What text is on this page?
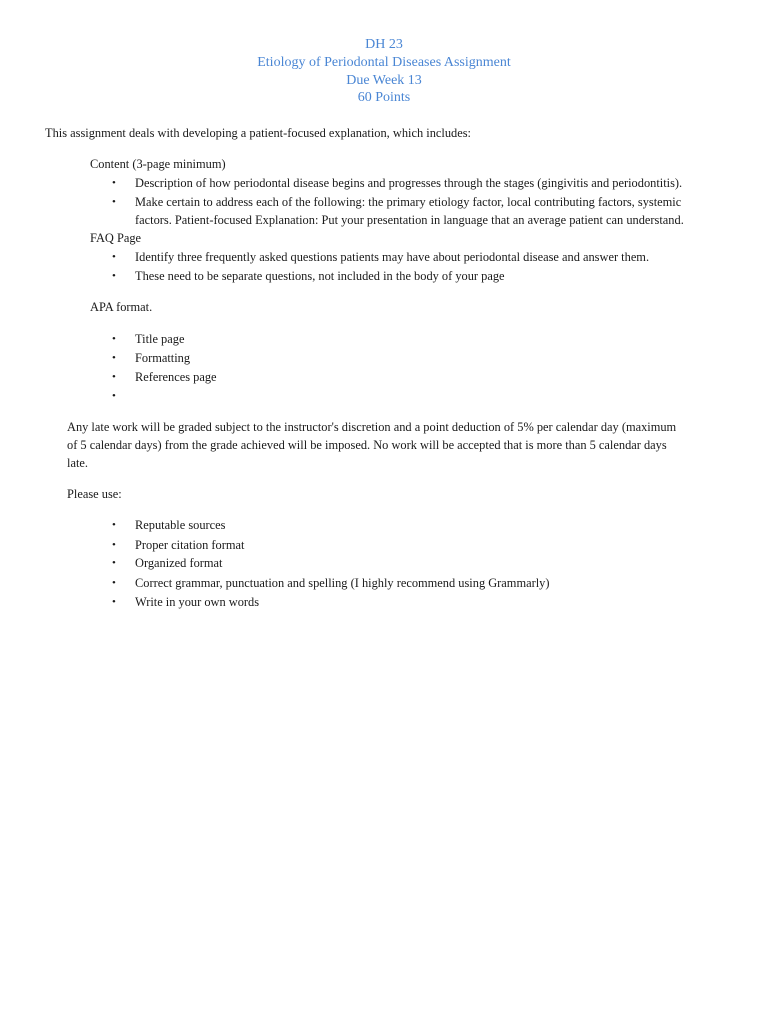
DH 23
Etiology of Periodontal Diseases Assignment
Due Week 13
60 Points
This assignment deals with developing a patient-focused explanation, which includes:
Content (3-page minimum)
•	Description of how periodontal disease begins and progresses through the stages (gingivitis and periodontitis).
•	Make certain to address each of the following: the primary etiology factor, local contributing factors, systemic
factors. Patient-focused Explanation: Put your presentation in language that an average patient can understand.
FAQ Page
•	Identify three frequently asked questions patients may have about periodontal disease and answer them.
•	These need to be separate questions, not included in the body of your page
APA format.
•	Title page
•	Formatting
•	References page
•
Any late work will be graded subject to the instructor's discretion and a point deduction of 5% per calendar day (maximum
of 5 calendar days) from the grade achieved will be imposed. No work will be accepted that is more than 5 calendar days
late.
Please use:
•	Reputable sources
•	Proper citation format
•	Organized format
•	Correct grammar, punctuation and spelling (I highly recommend using Grammarly)
•	Write in your own words
